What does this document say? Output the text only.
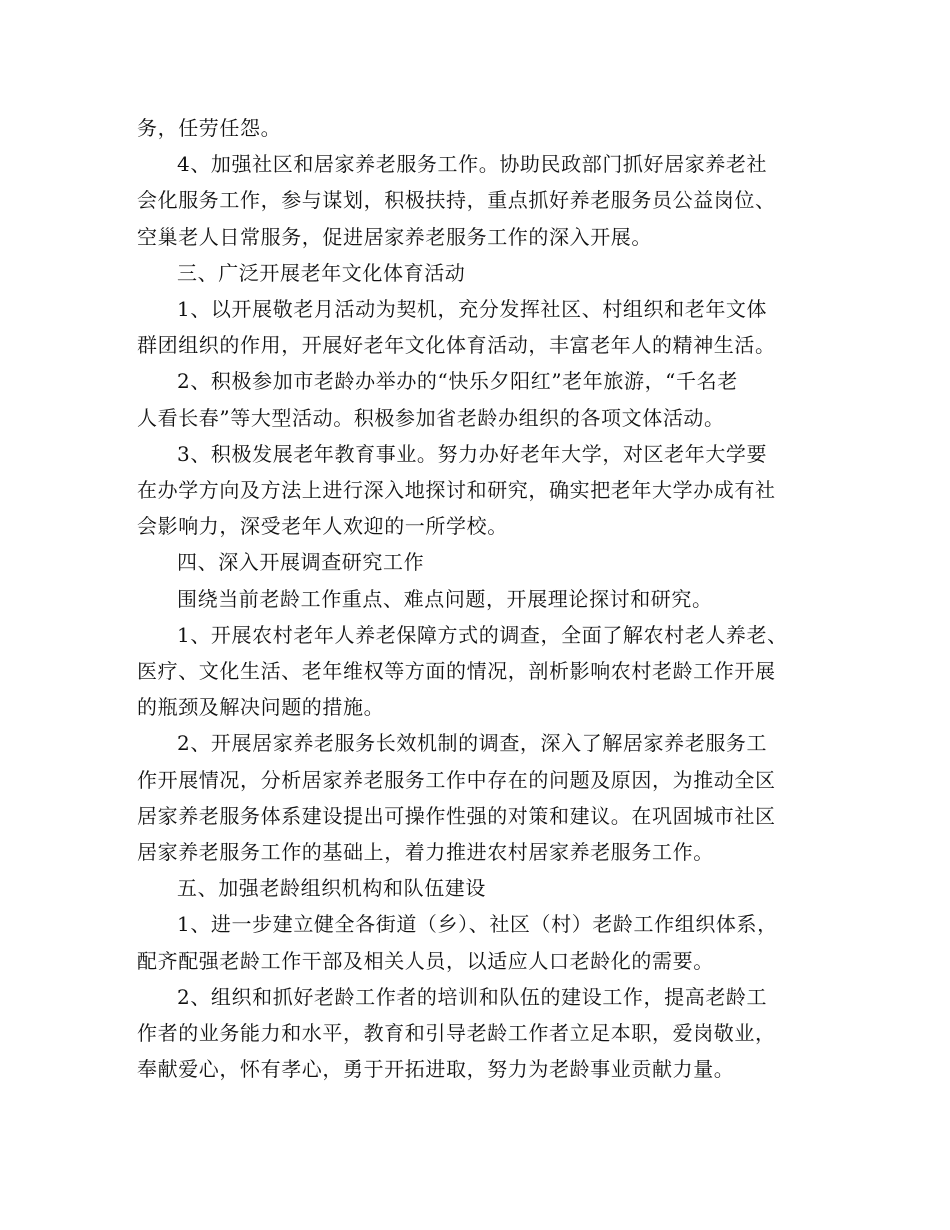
务，任劳任怨。
4、加强社区和居家养老服务工作。协助民政部门抓好居家养老社
会化服务工作，参与谋划，积极扶持，重点抓好养老服务员公益岗位、
空巢老人日常服务，促进居家养老服务工作的深入开展。
三、广泛开展老年文化体育活动
1、以开展敬老月活动为契机，充分发挥社区、村组织和老年文体
群团组织的作用，开展好老年文化体育活动，丰富老年人的精神生活。
2、积极参加市老龄办举办的“快乐夕阳红”老年旅游，“千名老
人看长春”等大型活动。积极参加省老龄办组织的各项文体活动。
3、积极发展老年教育事业。努力办好老年大学，对区老年大学要
在办学方向及方法上进行深入地探讨和研究，确实把老年大学办成有社
会影响力，深受老年人欢迎的一所学校。
四、深入开展调查研究工作
围绕当前老龄工作重点、难点问题，开展理论探讨和研究。
1、开展农村老年人养老保障方式的调查，全面了解农村老人养老、
医疗、文化生活、老年维权等方面的情况，剖析影响农村老龄工作开展
的瓶颈及解决问题的措施。
2、开展居家养老服务长效机制的调查，深入了解居家养老服务工
作开展情况，分析居家养老服务工作中存在的问题及原因，为推动全区
居家养老服务体系建设提出可操作性强的对策和建议。在巩固城市社区
居家养老服务工作的基础上，着力推进农村居家养老服务工作。
五、加强老龄组织机构和队伍建设
1、进一步建立健全各街道（乡）、社区（村）老龄工作组织体系，
配齐配强老龄工作干部及相关人员，以适应人口老龄化的需要。
2、组织和抓好老龄工作者的培训和队伍的建设工作，提高老龄工
作者的业务能力和水平，教育和引导老龄工作者立足本职，爱岗敬业，
奉献爱心，怀有孝心，勇于开拓进取，努力为老龄事业贡献力量。
